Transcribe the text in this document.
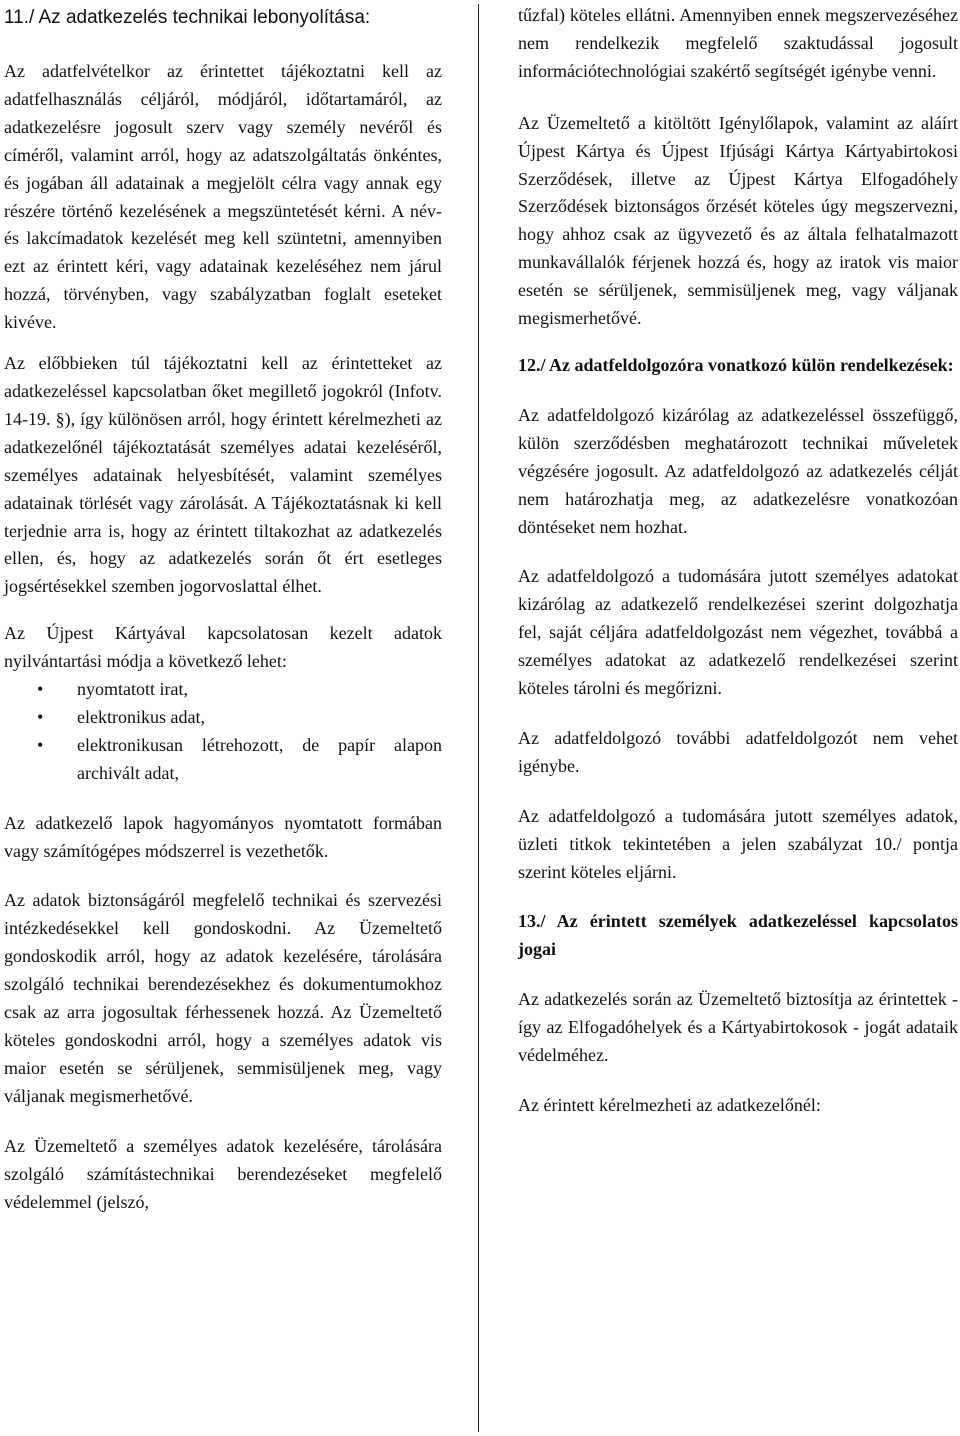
11./ Az adatkezelés technikai lebonyolítása:

Az adatfelvételkor az érintettet tájékoztatni kell az adatfelhasználás céljáról, módjáról, időtartamáról, az adatkezelésre jogosult szerv vagy személy nevéről és címéről, valamint arról, hogy az adatszolgáltatás önkéntes, és jogában áll adatainak a megjelölt célra vagy annak egy részére történő kezelésének a megszüntetését kérni. A név- és lakcímadatok kezelését meg kell szüntetni, amennyiben ezt az érintett kéri, vagy adatainak kezeléséhez nem járul hozzá, törvényben, vagy szabályzatban foglalt eseteket kivéve.

Az előbbieken túl tájékoztatni kell az érintetteket az adatkezeléssel kapcsolatban őket megillető jogokról (Infotv. 14-19. §), így különösen arról, hogy érintett kérelmezheti az adatkezelőnél tájékoztatását személyes adatai kezeléséről, személyes adatainak helyesbítését, valamint személyes adatainak törlését vagy zárolását. A Tájékoztatásnak ki kell terjednie arra is, hogy az érintett tiltakozhat az adatkezelés ellen, és, hogy az adatkezelés során őt ért esetleges jogsértésekkel szemben jogorvoslattal élhet.

Az Újpest Kártyával kapcsolatosan kezelt adatok nyilvántartási módja a következő lehet:

• nyomtatott irat,
• elektronikus adat,
• elektronikusan létrehozott, de papír alapon archivált adat,

Az adatkezelő lapok hagyományos nyomtatott formában vagy számítógépes módszerrel is vezethetők.

Az adatok biztonságáról megfelelő technikai és szervezési intézkedésekkel kell gondoskodni. Az Üzemeltető gondoskodik arról, hogy az adatok kezelésére, tárolására szolgáló technikai berendezésekhez és dokumentumokhoz csak az arra jogosultak férhessenek hozzá. Az Üzemeltető köteles gondoskodni arról, hogy a személyes adatok vis maior esetén se sérüljenek, semmisüljenek meg, vagy váljanak megismerhetővé.

Az Üzemeltető a személyes adatok kezelésére, tárolására szolgáló számítástechnikai berendezéseket megfelelő védelemmel (jelszó,

tűzfal) köteles ellátni. Amennyiben ennek megszervezéséhez nem rendelkezik megfelelő szaktudással jogosult információtechnológiai szakértő segítségét igénybe venni.

Az Üzemeltető a kitöltött Igénylőlapok, valamint az aláírt Újpest Kártya és Újpest Ifjúsági Kártya Kártyabirtokosi Szerződések, illetve az Újpest Kártya Elfogadóhely Szerződések biztonságos őrzését köteles úgy megszervezni, hogy ahhoz csak az ügyvezető és az általa felhatalmazott munkavállalók férjenek hozzá és, hogy az iratok vis maior esetén se sérüljenek, semmisüljenek meg, vagy váljanak megismerhetővé.

12./ Az adatfeldolgozóra vonatkozó külön rendelkezések:

Az adatfeldolgozó kizárólag az adatkezeléssel összefüggő, külön szerződésben meghatározott technikai műveletek végzésére jogosult. Az adatfeldolgozó az adatkezelés célját nem határozhatja meg, az adatkezelésre vonatkozóan döntéseket nem hozhat.

Az adatfeldolgozó a tudomására jutott személyes adatokat kizárólag az adatkezelő rendelkezései szerint dolgozhatja fel, saját céljára adatfeldolgozást nem végezhet, továbbá a személyes adatokat az adatkezelő rendelkezései szerint köteles tárolni és megőrizni.

Az adatfeldolgozó további adatfeldolgozót nem vehet igénybe.

Az adatfeldolgozó a tudomására jutott személyes adatok, üzleti titkok tekintetében a jelen szabályzat 10./ pontja szerint köteles eljárni.

13./ Az érintett személyek adatkezeléssel kapcsolatos jogai

Az adatkezelés során az Üzemeltető biztosítja az érintettek - így az Elfogadóhelyek és a Kártyabirtokosok - jogát adataik védelméhez.

Az érintett kérelmezheti az adatkezelőnél:
